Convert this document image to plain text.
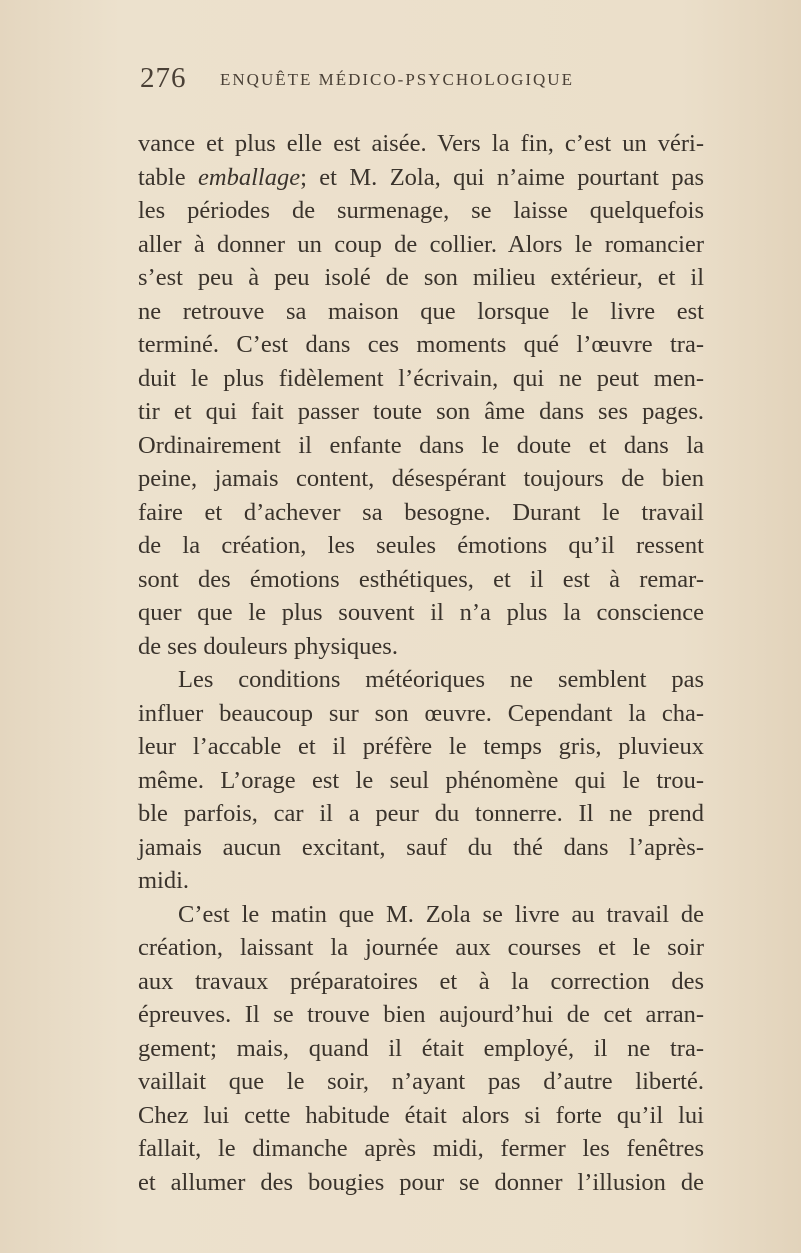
276 ENQUÊTE MÉDICO-PSYCHOLOGIQUE
vance et plus elle est aisée. Vers la fin, c’est un véri-
table emballage; et M. Zola, qui n’aime pourtant pas
les périodes de surmenage, se laisse quelquefois
aller à donner un coup de collier. Alors le romancier
s’est peu à peu isolé de son milieu extérieur, et il
ne retrouve sa maison que lorsque le livre est
terminé. C’est dans ces moments qué l’œuvre tra-
duit le plus fidèlement l’écrivain, qui ne peut men-
tir et qui fait passer toute son âme dans ses pages.
Ordinairement il enfante dans le doute et dans la
peine, jamais content, désespérant toujours de bien
faire et d’achever sa besogne. Durant le travail
de la création, les seules émotions qu’il ressent
sont des émotions esthétiques, et il est à remar-
quer que le plus souvent il n’a plus la conscience
de ses douleurs physiques.
Les conditions météoriques ne semblent pas
influer beaucoup sur son œuvre. Cependant la cha-
leur l’accable et il préfère le temps gris, pluvieux
même. L’orage est le seul phénomène qui le trou-
ble parfois, car il a peur du tonnerre. Il ne prend
jamais aucun excitant, sauf du thé dans l’après-
midi.
C’est le matin que M. Zola se livre au travail de
création, laissant la journée aux courses et le soir
aux travaux préparatoires et à la correction des
épreuves. Il se trouve bien aujourd’hui de cet arran-
gement; mais, quand il était employé, il ne tra-
vaillait que le soir, n’ayant pas d’autre liberté.
Chez lui cette habitude était alors si forte qu’il lui
fallait, le dimanche après midi, fermer les fenêtres
et allumer des bougies pour se donner l’illusion de
